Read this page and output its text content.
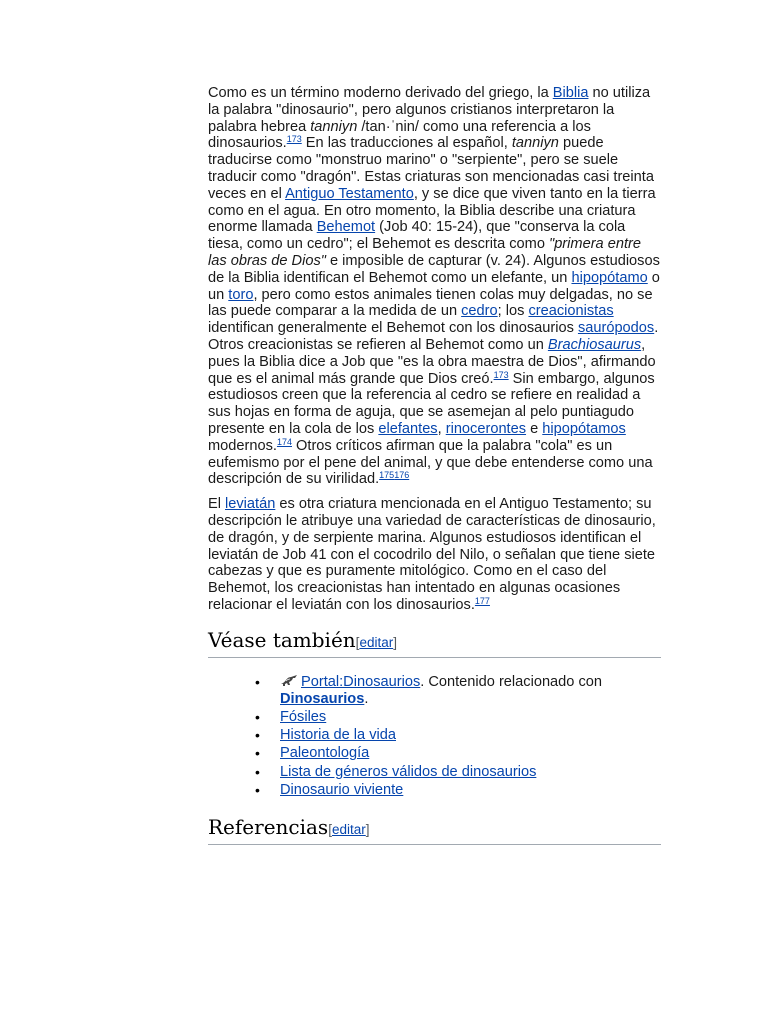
Como es un término moderno derivado del griego, la Biblia no utiliza la palabra "dinosaurio", pero algunos cristianos interpretaron la palabra hebrea tanniyn /tan·ˈnin/ como una referencia a los dinosaurios.$^{173}$ En las traducciones al español, tanniyn puede traducirse como "monstruo marino" o "serpiente", pero se suele traducir como "dragón". Estas criaturas son mencionadas casi treinta veces en el Antiguo Testamento, y se dice que viven tanto en la tierra como en el agua. En otro momento, la Biblia describe una criatura enorme llamada Behemot (Job 40: 15-24), que "conserva la cola tiesa, como un cedro"; el Behemot es descrita como "primera entre las obras de Dios" e imposible de capturar (v. 24). Algunos estudiosos de la Biblia identifican el Behemot como un elefante, un hipopótamo o un toro, pero como estos animales tienen colas muy delgadas, no se las puede comparar a la medida de un cedro; los creacionistas identifican generalmente el Behemot con los dinosaurios saurópodos. Otros creacionistas se refieren al Behemot como un Brachiosaurus, pues la Biblia dice a Job que "es la obra maestra de Dios", afirmando que es el animal más grande que Dios creó.$^{173}$ Sin embargo, algunos estudiosos creen que la referencia al cedro se refiere en realidad a sus hojas en forma de aguja, que se asemejan al pelo puntiagudo presente en la cola de los elefantes, rinocerontes e hipopótamos modernos.$^{174}$ Otros críticos afirman que la palabra "cola" es un eufemismo por el pene del animal, y que debe entenderse como una descripción de su virilidad.$^{175176}$

El leviatán es otra criatura mencionada en el Antiguo Testamento; su descripción le atribuye una variedad de características de dinosaurio, de dragón, y de serpiente marina. Algunos estudiosos identifican el leviatán de Job 41 con el cocodrilo del Nilo, o señalan que tiene siete cabezas y que es puramente mitológico. Como en el caso del Behemot, los creacionistas han intentado en algunas ocasiones relacionar el leviatán con los dinosaurios.$^{177}$

Véase también[editar]
•	Portal:Dinosaurios. Contenido relacionado con Dinosaurios.
• Fósiles
• Historia de la vida
• Paleontología
• Lista de géneros válidos de dinosaurios
• Dinosaurio viviente
Referencias[editar]
